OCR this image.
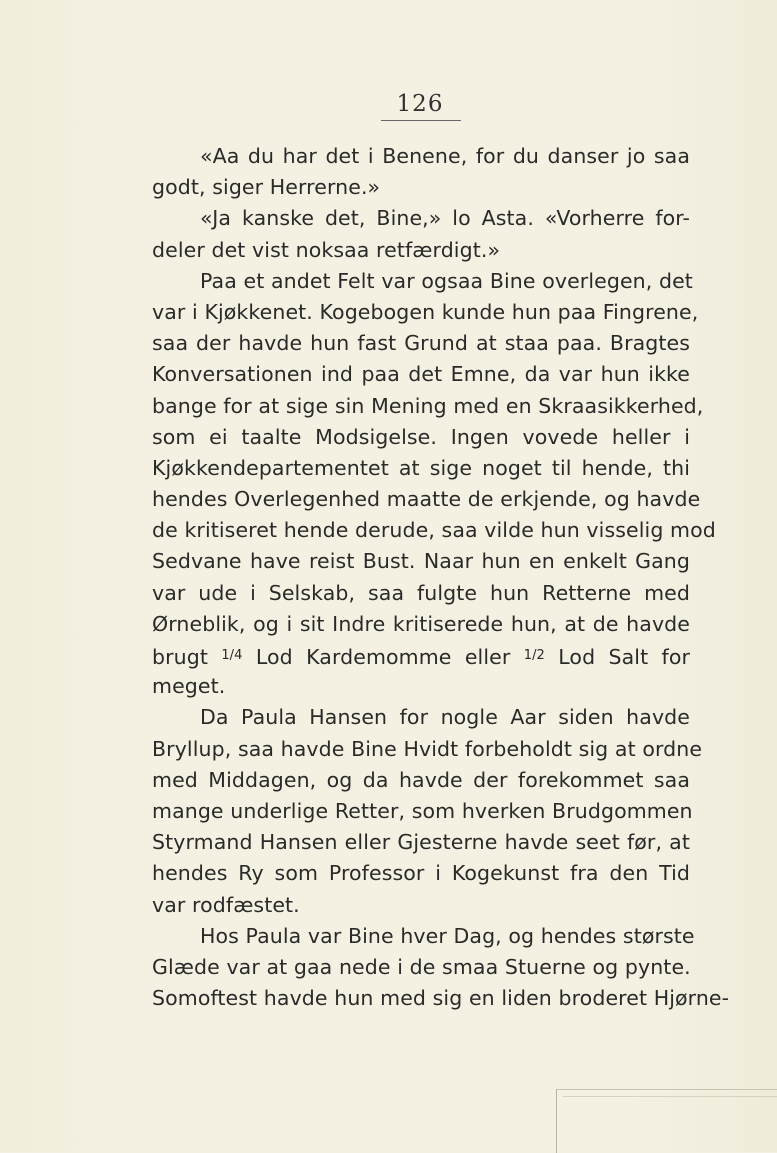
126
«Aa du har det i Benene, for du danser jo saa
godt, siger Herrerne.»
«Ja kanske det, Bine,» lo Asta. «Vorherre for-
deler det vist noksaa retfærdigt.»
Paa et andet Felt var ogsaa Bine overlegen, det
var i Kjøkkenet. Kogebogen kunde hun paa Fingrene,
saa der havde hun fast Grund at staa paa. Bragtes
Konversationen ind paa det Emne, da var hun ikke
bange for at sige sin Mening med en Skraasikkerhed,
som ei taalte Modsigelse. Ingen vovede heller i
Kjøkkendepartementet at sige noget til hende, thi
hendes Overlegenhed maatte de erkjende, og havde
de kritiseret hende derude, saa vilde hun visselig mod
Sedvane have reist Bust. Naar hun en enkelt Gang
var ude i Selskab, saa fulgte hun Retterne med
Ørneblik, og i sit Indre kritiserede hun, at de havde
brugt $^{1/4}$ Lod Kardemomme eller $^{1/2}$ Lod Salt for
meget.
Da Paula Hansen for nogle Aar siden havde
Bryllup, saa havde Bine Hvidt forbeholdt sig at ordne
med Middagen, og da havde der forekommet saa
mange underlige Retter, som hverken Brudgommen
Styrmand Hansen eller Gjesterne havde seet før, at
hendes Ry som Professor i Kogekunst fra den Tid
var rodfæstet.
Hos Paula var Bine hver Dag, og hendes største
Glæde var at gaa nede i de smaa Stuerne og pynte.
Somoftest havde hun med sig en liden broderet Hjørne-
